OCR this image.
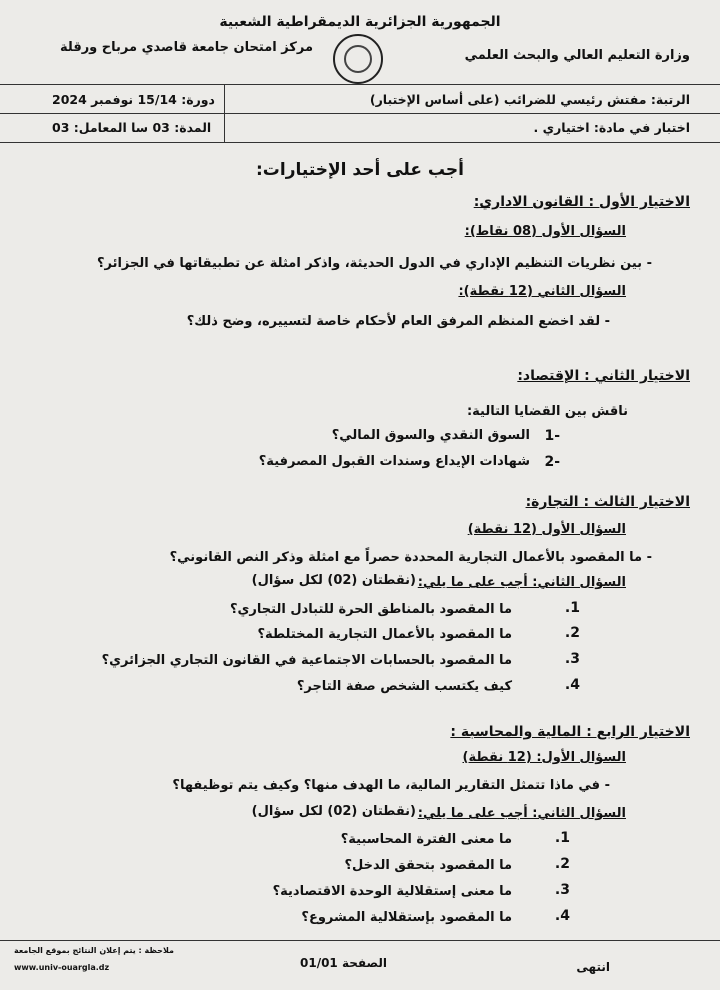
الجمهورية الجزائرية الديمقراطية الشعبية
وزارة التعليم العالي والبحث العلمي
مركز امتحان جامعة قاصدي مرباح ورقلة
الرتبة: مفتش رئيسي للضرائب (على أساس الإختبار)
دورة: 15/14 نوفمبر 2024
اختبار في مادة: اختياري .
المدة: 03 سا المعامل: 03
أجب على أحد الإختيارات:
الاختيار الأول : القانون الاداري:
السؤال الأول (08 نقاط):
- بين نظريات التنظيم الإداري في الدول الحديثة، واذكر امثلة عن تطبيقاتها في الجزائر؟
السؤال الثاني (12 نقطة):
- لقد اخضع المنظم المرفق العام لأحكام خاصة لتسييره، وضح ذلك؟
الاختيار الثاني : الإقتصاد:
ناقش بين القضايا التالية:
-1
السوق النقدي والسوق المالي؟
-2
شهادات الإيداع وسندات القبول المصرفية؟
الاختيار الثالث : التجارة:
السؤال الأول (12 نقطة)
- ما المقصود بالأعمال التجارية المحددة حصراً مع امثلة وذكر النص القانوني؟
السؤال الثاني: أجب على ما يلي:
(نقطتان (02) لكل سؤال)
1.
ما المقصود بالمناطق الحرة للتبادل التجاري؟
2.
ما المقصود بالأعمال التجارية المختلطة؟
3.
ما المقصود بالحسابات الاجتماعية في القانون التجاري الجزائري؟
4.
كيف يكتسب الشخص صفة التاجر؟
الاختيار الرابع : المالية والمحاسبة :
السؤال الأول: (12 نقطة)
- في ماذا تتمثل التقارير المالية، ما الهدف منها؟ وكيف يتم توظيفها؟
السؤال الثاني: أجب على ما يلي:
(نقطتان (02) لكل سؤال)
1.
ما معنى الفترة المحاسبية؟
2.
ما المقصود بتحقق الدخل؟
3.
ما معنى إستقلالية الوحدة الاقتصادية؟
4.
ما المقصود بإستقلالية المشروع؟
ملاحظة : يتم إعلان النتائج بموقع الجامعة
www.univ-ouargla.dz	الصفحة 01/01	انتهى
